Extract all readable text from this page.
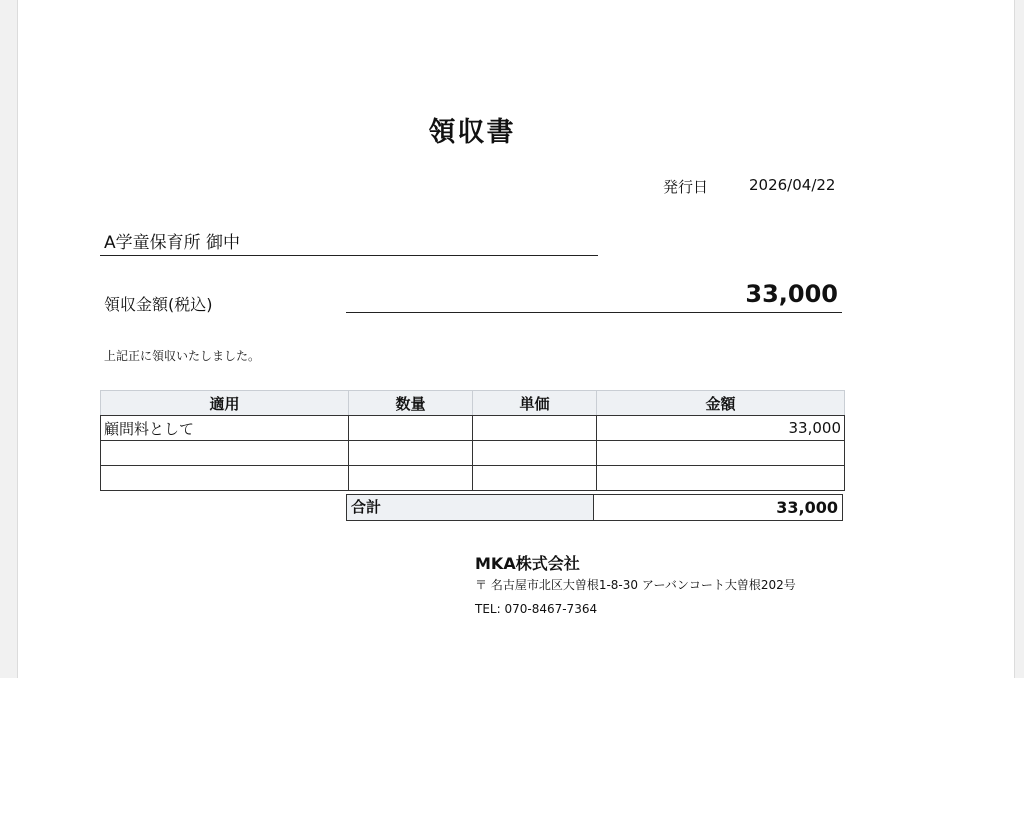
領収書
発行日	2026/04/22
A学童保育所 御中
領収金額(税込)	33,000
上記正に領収いたしました。
適用	数量	単価	金額
顧問料として			33,000

合計	33,000
MKA株式会社
〒 名古屋市北区大曽根1-8-30 アーバンコート大曽根202号
TEL: 070-8467-7364
